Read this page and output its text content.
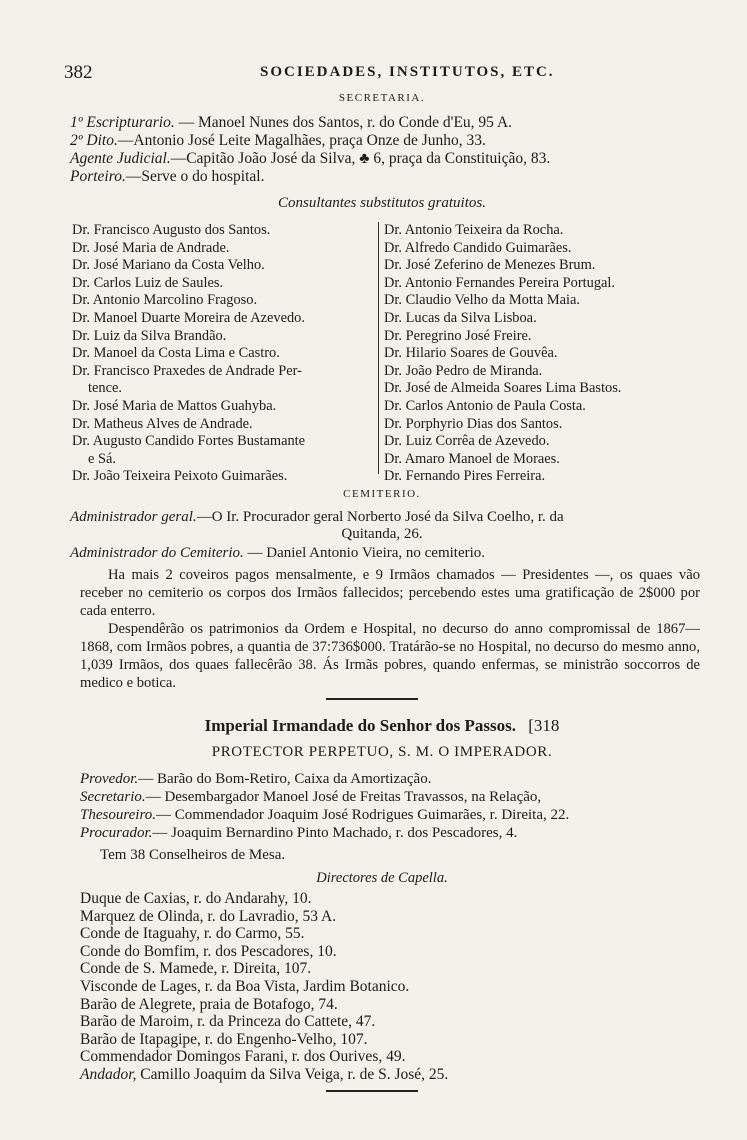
382	SOCIEDADES, INSTITUTOS, ETC.
SECRETARIA.
1º Escripturario. — Manoel Nunes dos Santos, r. do Conde d'Eu, 95 A.
2º Dito.—Antonio José Leite Magalhães, praça Onze de Junho, 33.
Agente Judicial.—Capitão João José da Silva, ♣ 6, praça da Constituição, 83.
Porteiro.—Serve o do hospital.
Consultantes substitutos gratuitos.
Dr. Francisco Augusto dos Santos.
Dr. José Maria de Andrade.
Dr. José Mariano da Costa Velho.
Dr. Carlos Luiz de Saules.
Dr. Antonio Marcolino Fragoso.
Dr. Manoel Duarte Moreira de Azevedo.
Dr. Luiz da Silva Brandão.
Dr. Manoel da Costa Lima e Castro.
Dr. Francisco Praxedes de Andrade Per-
tence.
Dr. José Maria de Mattos Guahyba.
Dr. Matheus Alves de Andrade.
Dr. Augusto Candido Fortes Bustamante
e Sá.
Dr. João Teixeira Peixoto Guimarães.
Dr. Antonio Teixeira da Rocha.
Dr. Alfredo Candido Guimarães.
Dr. José Zeferino de Menezes Brum.
Dr. Antonio Fernandes Pereira Portugal.
Dr. Claudio Velho da Motta Maia.
Dr. Lucas da Silva Lisboa.
Dr. Peregrino José Freire.
Dr. Hilario Soares de Gouvêa.
Dr. João Pedro de Miranda.
Dr. José de Almeida Soares Lima Bastos.
Dr. Carlos Antonio de Paula Costa.
Dr. Porphyrio Dias dos Santos.
Dr. Luiz Corrêa de Azevedo.
Dr. Amaro Manoel de Moraes.
Dr. Fernando Pires Ferreira.
CEMITERIO.
Administrador geral.—O Ir. Procurador geral Norberto José da Silva Coelho, r. da
Quitanda, 26.
Administrador do Cemiterio. — Daniel Antonio Vieira, no cemiterio.
Ha mais 2 coveiros pagos mensalmente, e 9 Irmãos chamados — Presidentes —, os quaes vão receber no cemiterio os corpos dos Irmãos fallecidos; percebendo estes uma gratificação de 2$000 por cada enterro.
Despendêrão os patrimonios da Ordem e Hospital, no decurso do anno compromissal de 1867—1868, com Irmãos pobres, a quantia de 37:736$000. Tratárão-se no Hospital, no decurso do mesmo anno, 1,039 Irmãos, dos quaes fallecêrão 38. Ás Irmãs pobres, quando enfermas, se ministrão soccorros de medico e botica.
Imperial Irmandade do Senhor dos Passos. [318
PROTECTOR PERPETUO, S. M. O IMPERADOR.
Provedor.— Barão do Bom-Retiro, Caixa da Amortização.
Secretario.— Desembargador Manoel José de Freitas Travassos, na Relação,
Thesoureiro.— Commendador Joaquim José Rodrigues Guimarães, r. Direita, 22.
Procurador.— Joaquim Bernardino Pinto Machado, r. dos Pescadores, 4.
Tem 38 Conselheiros de Mesa.
Directores de Capella.
Duque de Caxias, r. do Andarahy, 10.
Marquez de Olinda, r. do Lavradio, 53 A.
Conde de Itaguahy, r. do Carmo, 55.
Conde do Bomfim, r. dos Pescadores, 10.
Conde de S. Mamede, r. Direita, 107.
Visconde de Lages, r. da Boa Vista, Jardim Botanico.
Barão de Alegrete, praia de Botafogo, 74.
Barão de Maroim, r. da Princeza do Cattete, 47.
Barão de Itapagipe, r. do Engenho-Velho, 107.
Commendador Domingos Farani, r. dos Ourives, 49.
Andador, Camillo Joaquim da Silva Veiga, r. de S. José, 25.
